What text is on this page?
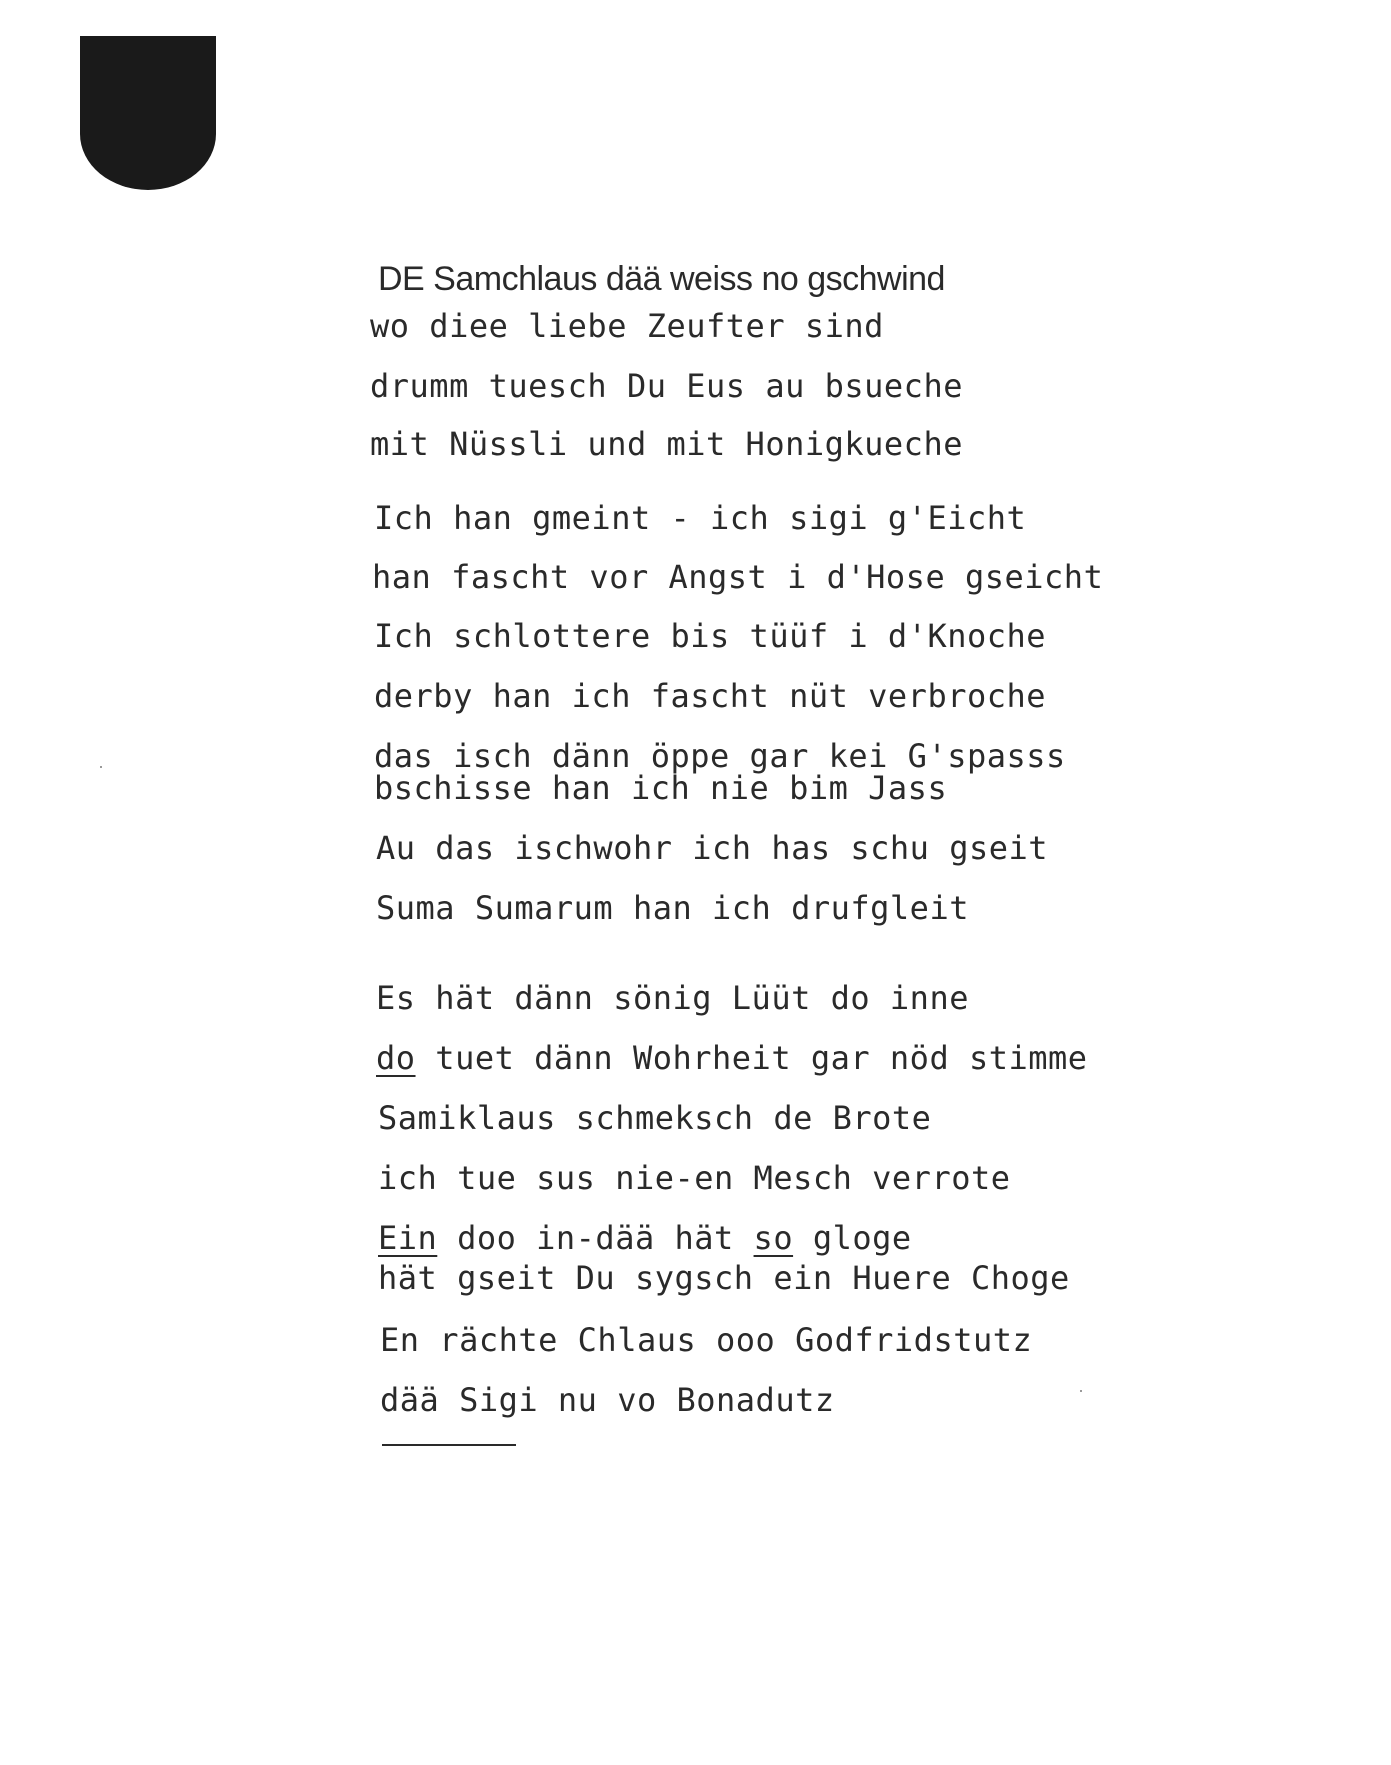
DE Samchlaus dää weiss no gschwind
wo diee liebe Zeufter sind
drumm tuesch Du Eus au bsueche
mit Nüssli und mit Honigkueche
Ich han gmeint - ich sigi g'Eicht
han fascht vor Angst i d'Hose gseicht
Ich schlottere bis tüüf i d'Knoche
derby han ich fascht nüt verbroche
das isch dänn öppe gar kei G'spasss
bschisse han ich nie bim Jass
Au das ischwohr ich has schu gseit
Suma Sumarum han ich drufgleit
Es hät dänn sönig Lüüt do inne
do tuet dänn Wohrheit gar nöd stimme
Samiklaus schmeksch de Brote
ich tue sus nie-en Mesch verrote
Ein doo in-dää hät so gloge
hät gseit Du sygsch ein Huere Choge
En rächte Chlaus ooo Godfridstutz
dää Sigi nu vo Bonadutz
